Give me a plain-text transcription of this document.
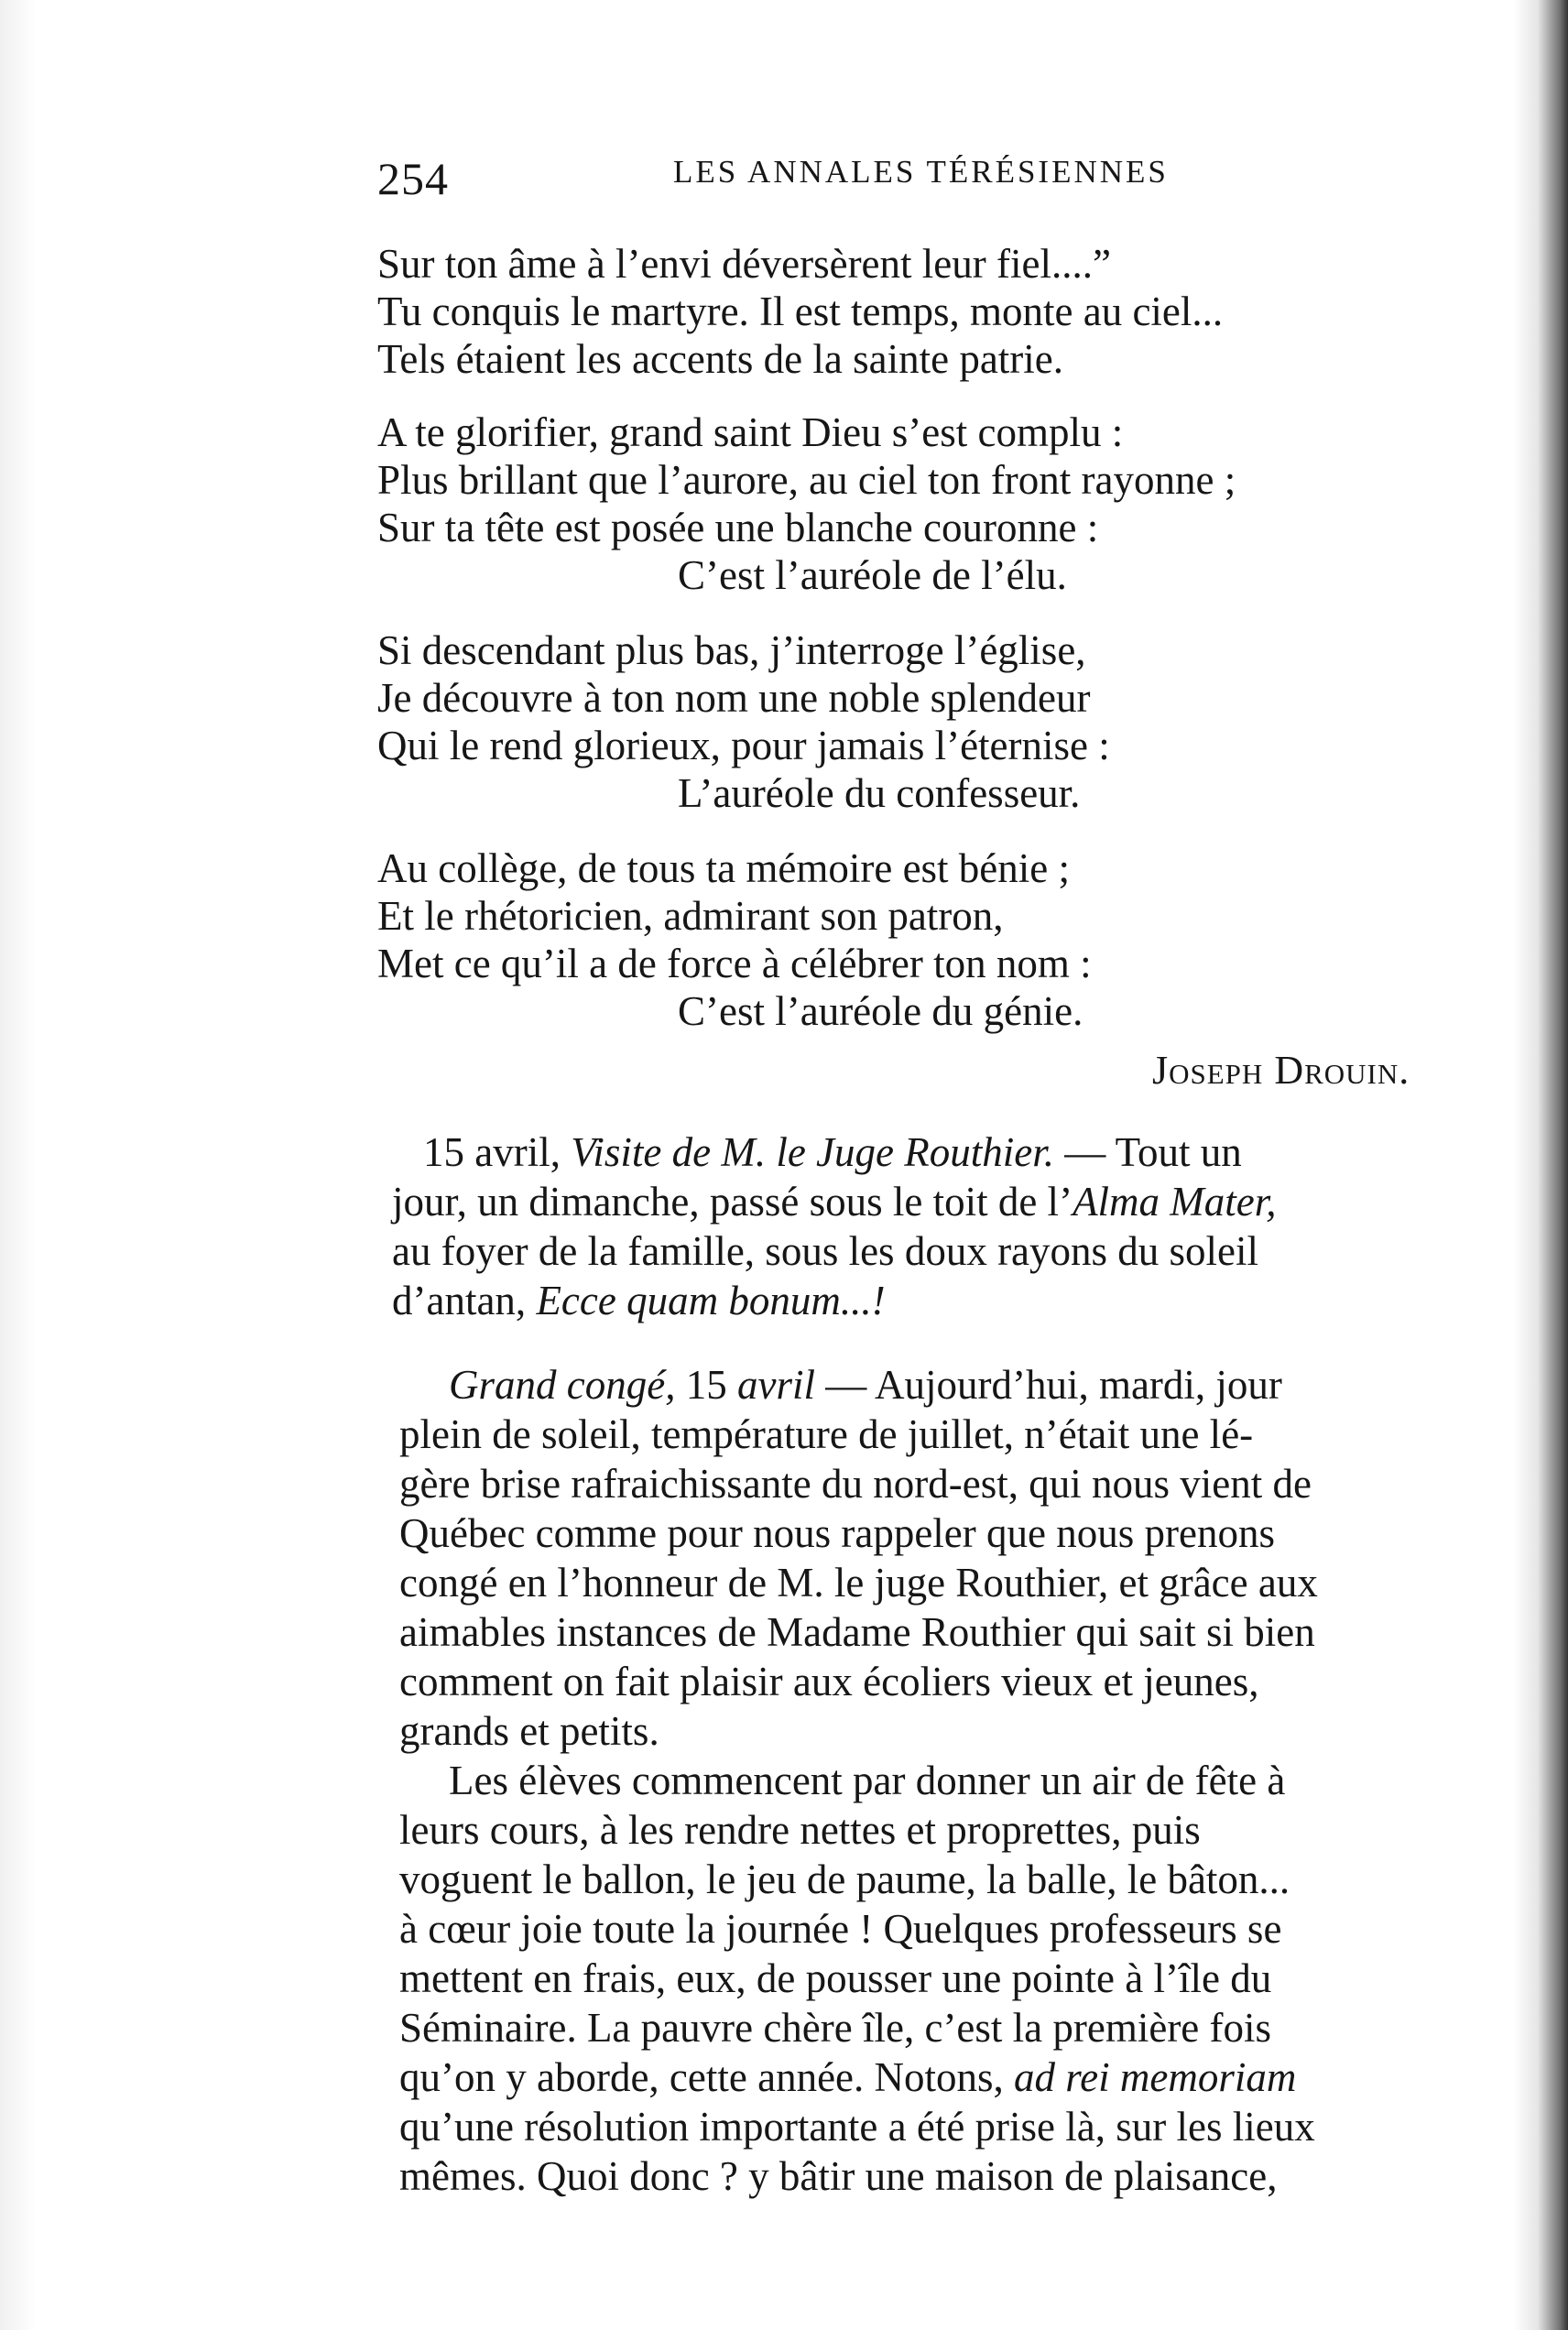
254	LES ANNALES TÉRÉSIENNES
Sur ton âme à l’envi déversèrent leur fiel....”
Tu conquis le martyre. Il est temps, monte au ciel...
Tels étaient les accents de la sainte patrie.
A te glorifier, grand saint Dieu s’est complu :
Plus brillant que l’aurore, au ciel ton front rayonne ;
Sur ta tête est posée une blanche couronne :
C’est l’auréole de l’élu.
Si descendant plus bas, j’interroge l’église,
Je découvre à ton nom une noble splendeur
Qui le rend glorieux, pour jamais l’éternise :
L’auréole du confesseur.
Au collège, de tous ta mémoire est bénie ;
Et le rhétoricien, admirant son patron,
Met ce qu’il a de force à célébrer ton nom :
C’est l’auréole du génie.
Joseph Drouin.
15 avril, Visite de M. le Juge Routhier. — Tout un
jour, un dimanche, passé sous le toit de l’Alma Mater,
au foyer de la famille, sous les doux rayons du soleil
d’antan, Ecce quam bonum...!
Grand congé, 15 avril — Aujourd’hui, mardi, jour
plein de soleil, température de juillet, n’était une lé-
gère brise rafraichissante du nord-est, qui nous vient de
Québec comme pour nous rappeler que nous prenons
congé en l’honneur de M. le juge Routhier, et grâce aux
aimables instances de Madame Routhier qui sait si bien
comment on fait plaisir aux écoliers vieux et jeunes,
grands et petits.
Les élèves commencent par donner un air de fête à
leurs cours, à les rendre nettes et proprettes, puis
voguent le ballon, le jeu de paume, la balle, le bâton...
à cœur joie toute la journée ! Quelques professeurs se
mettent en frais, eux, de pousser une pointe à l’île du
Séminaire. La pauvre chère île, c’est la première fois
qu’on y aborde, cette année. Notons, ad rei memoriam
qu’une résolution importante a été prise là, sur les lieux
mêmes. Quoi donc ? y bâtir une maison de plaisance,
